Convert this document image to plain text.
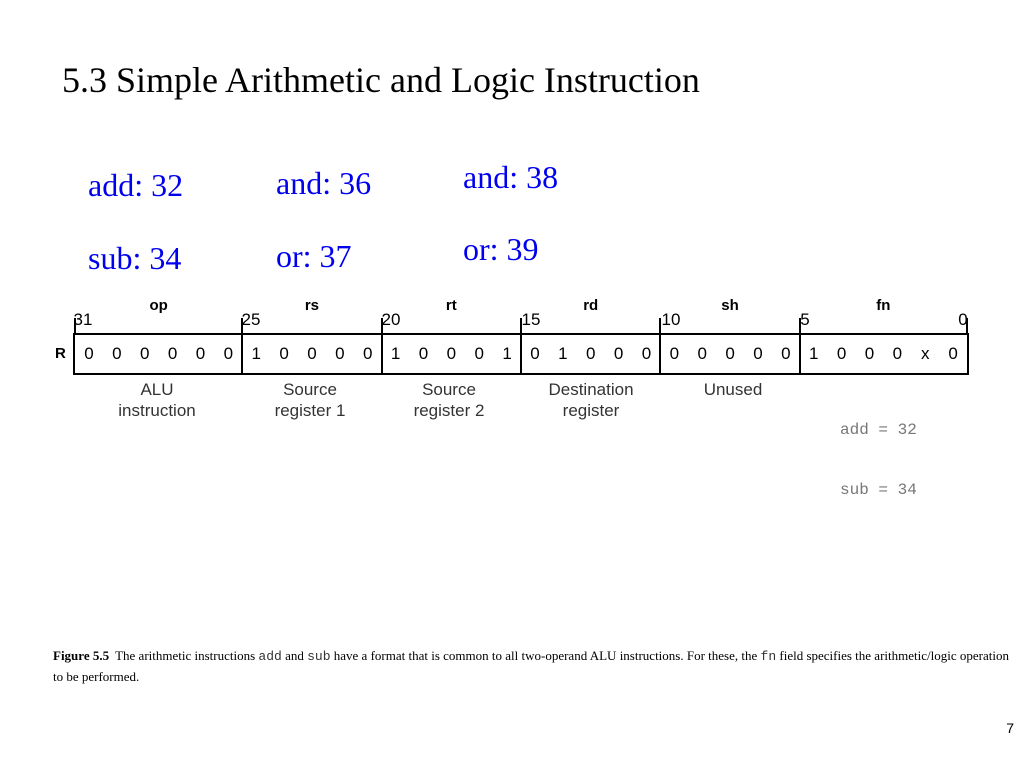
5.3 Simple Arithmetic and Logic Instruction
add: 32
sub: 34
and: 36
or: 37
and: 38
or: 39
R	0	0	0	0	0	0	1	0	0	0	0	1	0	0	0	1	0	1	0	0	0	0	0	0	0	0	1	0	0	0	x	0

add = 32

sub = 34

op
ALU
instruction
rs
Source
register 1
rt
Source
register 2
rd
Destination
register
sh
Unused
fn
31	25	20	15	10	5	0
Figure 5.5 The arithmetic instructions add and sub have a format that is common to all two-operand ALU instructions. For these, the fn field specifies the arithmetic/logic operation to be performed.
7
